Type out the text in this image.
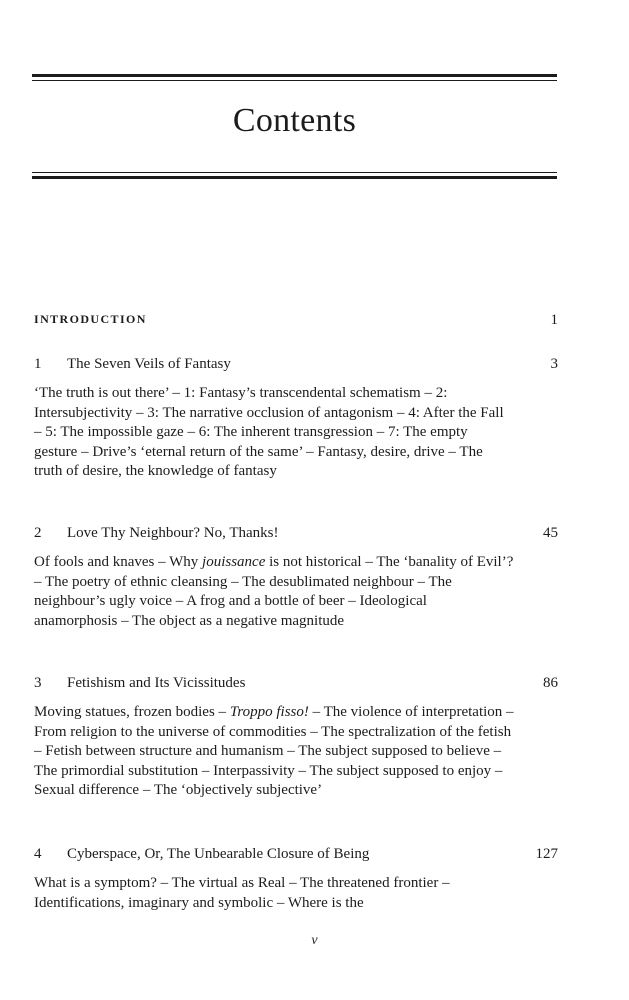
Contents
INTRODUCTION	1
1 The Seven Veils of Fantasy	3

‘The truth is out there’ – 1: Fantasy’s transcendental schematism – 2: Intersubjectivity – 3: The narrative occlusion of antagonism – 4: After the Fall – 5: The impossible gaze – 6: The inherent transgression – 7: The empty gesture – Drive’s ‘eternal return of the same’ – Fantasy, desire, drive – The truth of desire, the knowledge of fantasy

2 Love Thy Neighbour? No, Thanks!	45

Of fools and knaves – Why jouissance is not historical – The ‘banality of Evil’? – The poetry of ethnic cleansing – The desublimated neighbour – The neighbour’s ugly voice – A frog and a bottle of beer – Ideological anamorphosis – The object as a negative magnitude

3 Fetishism and Its Vicissitudes	86

Moving statues, frozen bodies – Troppo fisso! – The violence of interpretation – From religion to the universe of commodities – The spectralization of the fetish – Fetish between structure and humanism – The subject supposed to believe – The primordial substitution – Interpassivity – The subject supposed to enjoy – Sexual difference – The ‘objectively subjective’

4 Cyberspace, Or, The Unbearable Closure of Being	127

What is a symptom? – The virtual as Real – The threatened frontier – Identifications, imaginary and symbolic – Where is the

v
